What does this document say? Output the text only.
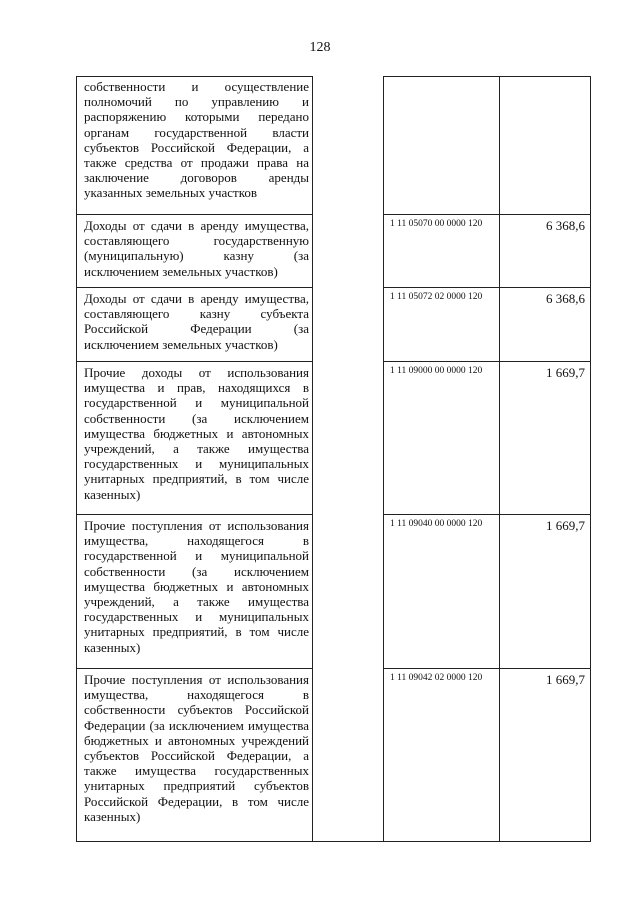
128
собственности и осуществление полномочий по управлению и распоряжению которыми передано органам государственной власти субъектов Российской Федерации, а также средства от продажи права на заключение договоров аренды указанных земельных участков			
Доходы от сдачи в аренду имущества, составляющего государственную (муниципальную) казну (за исключением земельных участков)		1 11 05070 00 0000 120	6 368,6
Доходы от сдачи в аренду имущества, составляющего казну субъекта Российской Федерации (за исключением земельных участков)		1 11 05072 02 0000 120	6 368,6
Прочие доходы от использования имущества и прав, находящихся в государственной и муниципальной собственности (за исключением имущества бюджетных и автономных учреждений, а также имущества государственных и муниципальных унитарных предприятий, в том числе казенных)		1 11 09000 00 0000 120	1 669,7
Прочие поступления от использования имущества, находящегося в государственной и муниципальной собственности (за исключением имущества бюджетных и автономных учреждений, а также имущества государственных и муниципальных унитарных предприятий, в том числе казенных)		1 11 09040 00 0000 120	1 669,7
Прочие поступления от использования имущества, находящегося в собственности субъектов Российской Федерации (за исключением имущества бюджетных и автономных учреждений субъектов Российской Федерации, а также имущества государственных унитарных предприятий субъектов Российской Федерации, в том числе казенных)		1 11 09042 02 0000 120	1 669,7
